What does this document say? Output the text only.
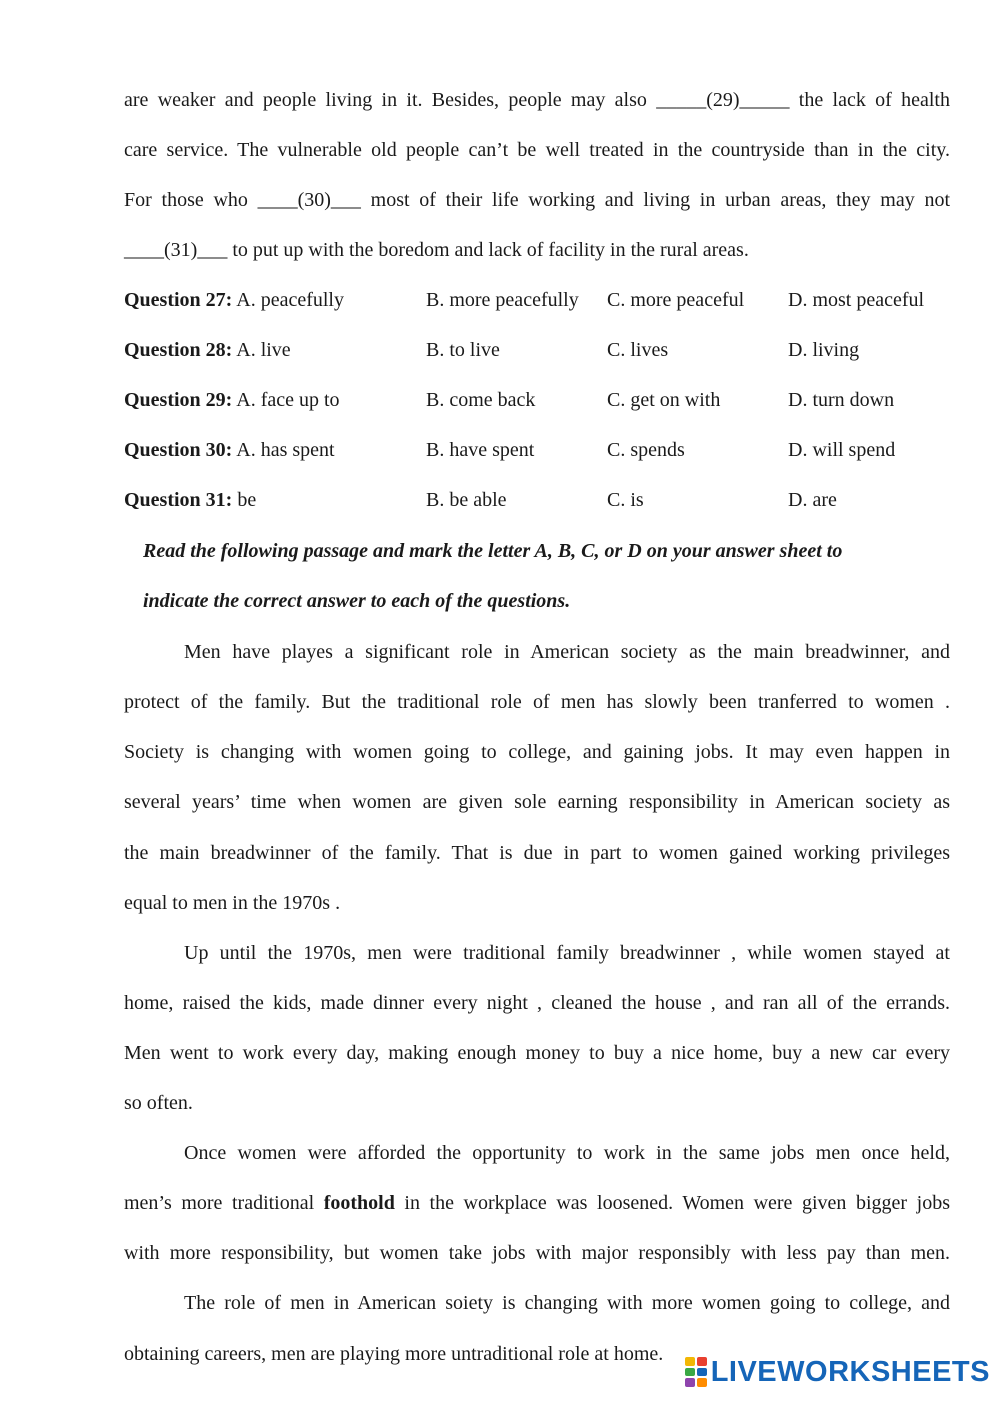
are weaker and people living in it. Besides, people may also _____(29)_____ the lack of health

care service. The vulnerable old people can’t be well treated in the countryside than in the city.

For those who ____(30)___ most of their life working and living in urban areas, they may not

____(31)___ to put up with the boredom and lack of facility in the rural areas.

Question 27: A. peacefully	B. more peacefully C. more peaceful D. most peaceful
Question 28: A. live	B. to live	C. lives	D. living
Question 29: A. face up to	B. come back	C. get on with	D. turn down
Question 30: A. has spent	B. have spent	C. spends	D. will spend
Question 31: be	B. be able	C. is	D. are

Read the following passage and mark the letter A, B, C, or D on your answer sheet to

indicate the correct answer to each of the questions.

Men have playes a significant role in American society as the main breadwinner, and

protect of the family. But the traditional role of men has slowly been tranferred to women .

Society is changing with women going to college, and gaining jobs. It may even happen in

several years’ time when women are given sole earning responsibility in American society as

the main breadwinner of the family. That is due in part to women gained working privileges

equal to men in the 1970s .

Up until the 1970s, men were traditional family breadwinner , while women stayed at

home, raised the kids, made dinner every night , cleaned the house , and ran all of the errands.

Men went to work every day, making enough money to buy a nice home, buy a new car every

so often.

Once women were afforded the opportunity to work in the same jobs men once held,

men’s more traditional foothold in the workplace was loosened. Women were given bigger jobs

with more responsibility, but women take jobs with major responsibly with less pay than men.

The role of men in American soiety is changing with more women going to college, and

obtaining careers, men are playing more untraditional role at home.

LIVEWORKSHEETS
